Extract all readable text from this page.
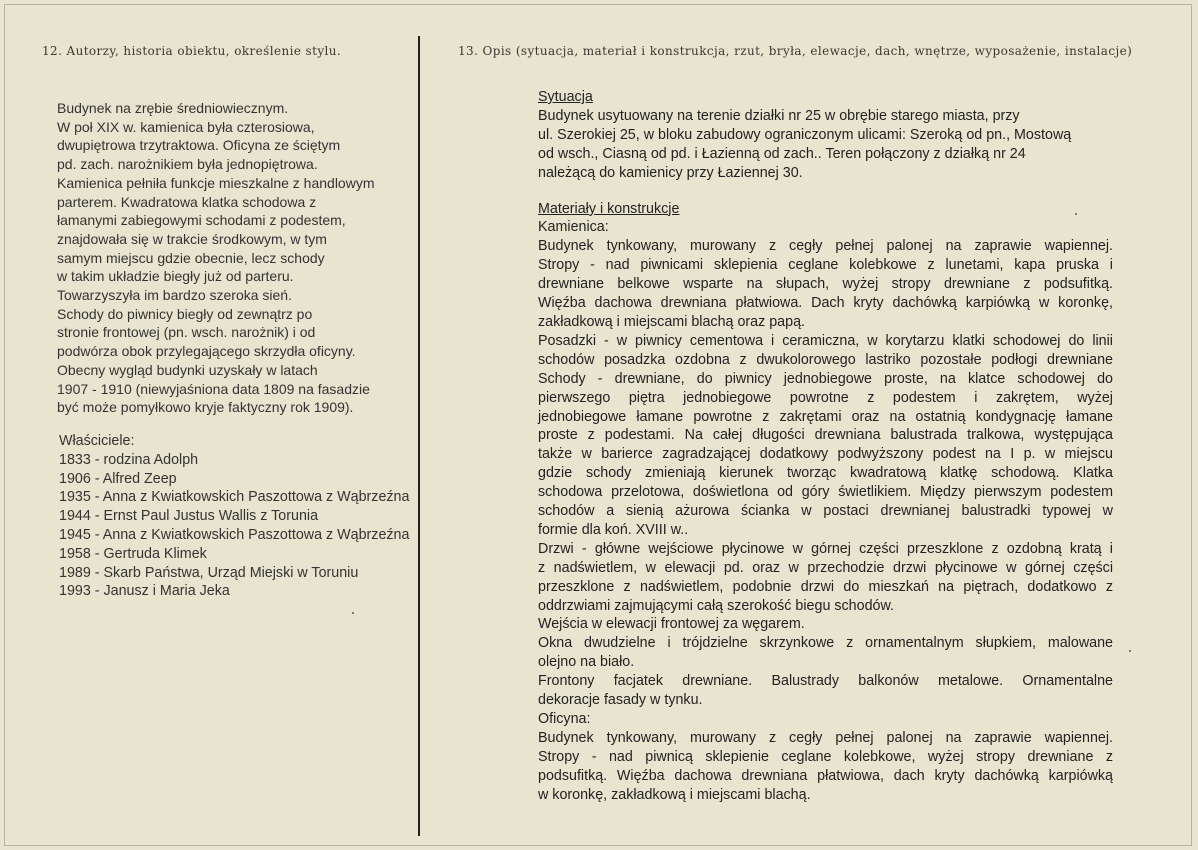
12. Autorzy, historia obiektu, określenie stylu.	13. Opis (sytuacja, materiał i konstrukcja, rzut, bryła, elewacje, dach, wnętrze, wyposażenie, instalacje)
Budynek na zrębie średniowiecznym.
W poł XIX w. kamienica była czterosiowa,
dwupiętrowa trzytraktowa. Oficyna ze ściętym
pd. zach. narożnikiem była jednopiętrowa.
Kamienica pełniła funkcje mieszkalne z handlowym
parterem. Kwadratowa klatka schodowa z
łamanymi zabiegowymi schodami z podestem,
znajdowała się w trakcie środkowym, w tym
samym miejscu gdzie obecnie, lecz schody
w takim układzie biegły już od parteru.
Towarzyszyła im bardzo szeroka sień.
Schody do piwnicy biegły od zewnątrz po
stronie frontowej (pn. wsch. narożnik) i od
podwórza obok przylegającego skrzydła oficyny.
Obecny wygląd budynki uzyskały w latach
1907 - 1910 (niewyjaśniona data 1809 na fasadzie
być może pomyłkowo kryje faktyczny rok 1909).
Właściciele:
1833 - rodzina Adolph
1906 - Alfred Zeep
1935 - Anna z Kwiatkowskich Paszottowa z Wąbrzeźna
1944 - Ernst Paul Justus Wallis z Torunia
1945 - Anna z Kwiatkowskich Paszottowa z Wąbrzeźna
1958 - Gertruda Klimek
1989 - Skarb Państwa, Urząd Miejski w Toruniu
1993 - Janusz i Maria Jeka
Sytuacja
Budynek usytuowany na terenie działki nr 25 w obrębie starego miasta, przy
ul. Szerokiej 25, w bloku zabudowy ograniczonym ulicami: Szeroką od pn., Mostową
od wsch., Ciasną od pd. i Łazienną od zach.. Teren połączony z działką nr 24
należącą do kamienicy przy Łaziennej 30.
Materiały i konstrukcje
Kamienica:
Budynek tynkowany, murowany z cegły pełnej palonej na zaprawie wapiennej.
Stropy - nad piwnicami sklepienia ceglane kolebkowe z lunetami, kapa pruska i
drewniane belkowe wsparte na słupach, wyżej stropy drewniane z podsufitką.
Więźba dachowa drewniana płatwiowa. Dach kryty dachówką karpiówką w koronkę,
zakładkową i miejscami blachą oraz papą.
Posadzki - w piwnicy cementowa i ceramiczna, w korytarzu klatki schodowej do linii
schodów posadzka ozdobna z dwukolorowego lastriko pozostałe podłogi drewniane
Schody - drewniane, do piwnicy jednobiegowe proste, na klatce schodowej do
pierwszego piętra jednobiegowe powrotne z podestem i zakrętem, wyżej
jednobiegowe łamane powrotne z zakrętami oraz na ostatnią kondygnację łamane
proste z podestami. Na całej długości drewniana balustrada tralkowa, występująca
także w barierce zagradzającej dodatkowy podwyższony podest na I p. w miejscu
gdzie schody zmieniają kierunek tworząc kwadratową klatkę schodową. Klatka
schodowa przelotowa, doświetlona od góry świetlikiem. Między pierwszym podestem
schodów a sienią ażurowa ścianka w postaci drewnianej balustradki typowej w
formie dla koń. XVIII w..
Drzwi - główne wejściowe płycinowe w górnej części przeszklone z ozdobną kratą i
z nadświetlem, w elewacji pd. oraz w przechodzie drzwi płycinowe w górnej części
przeszklone z nadświetlem, podobnie drzwi do mieszkań na piętrach, dodatkowo z
oddrzwiami zajmującymi całą szerokość biegu schodów.
Wejścia w elewacji frontowej za węgarem.
Okna dwudzielne i trójdzielne skrzynkowe z ornamentalnym słupkiem, malowane
olejno na biało.
Frontony facjatek drewniane. Balustrady balkonów metalowe. Ornamentalne
dekoracje fasady w tynku.
Oficyna:
Budynek tynkowany, murowany z cegły pełnej palonej na zaprawie wapiennej.
Stropy - nad piwnicą sklepienie ceglane kolebkowe, wyżej stropy drewniane z
podsufitką. Więźba dachowa drewniana płatwiowa, dach kryty dachówką karpiówką
w koronkę, zakładkową i miejscami blachą.
